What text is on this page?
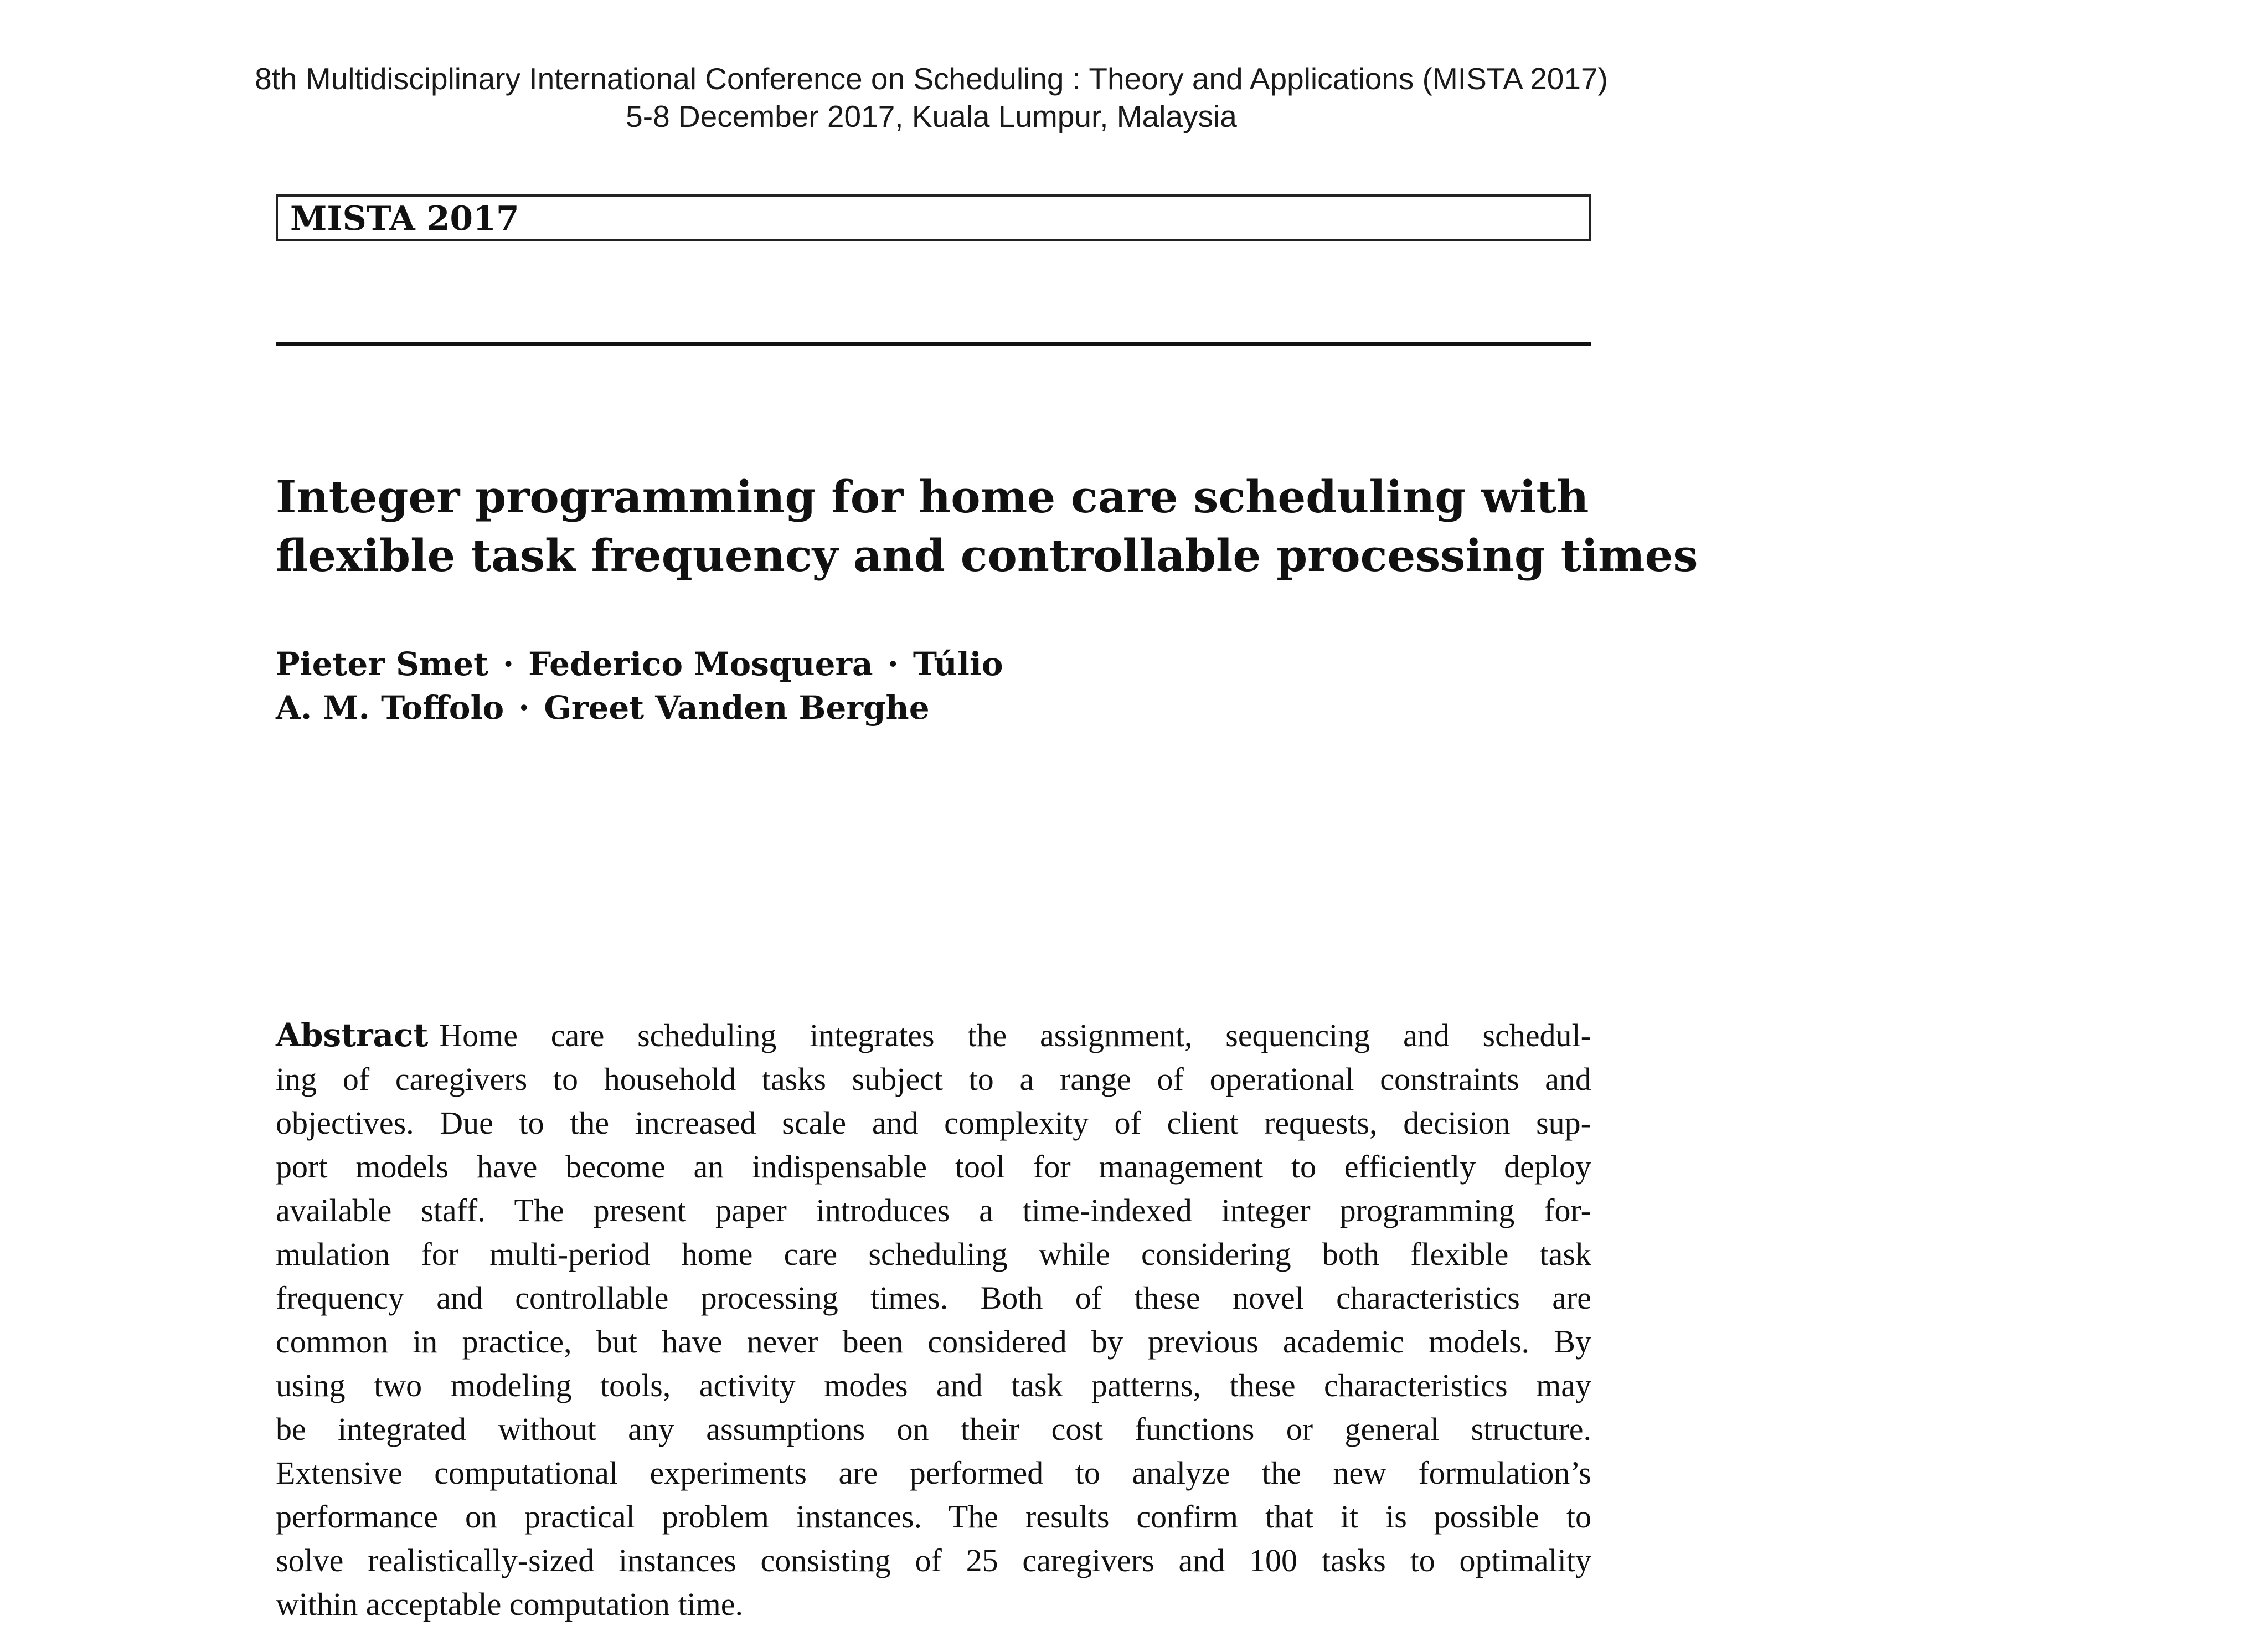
8th Multidisciplinary International Conference on Scheduling : Theory and Applications (MISTA 2017)
5-8 December 2017, Kuala Lumpur, Malaysia
MISTA 2017
Integer programming for home care scheduling with
flexible task frequency and controllable processing times
Pieter Smet · Federico Mosquera · Túlio
A. M. Toffolo · Greet Vanden Berghe
Abstract Home care scheduling integrates the assignment, sequencing and schedul-
ing of caregivers to household tasks subject to a range of operational constraints and
objectives. Due to the increased scale and complexity of client requests, decision sup-
port models have become an indispensable tool for management to efficiently deploy
available staff. The present paper introduces a time-indexed integer programming for-
mulation for multi-period home care scheduling while considering both flexible task
frequency and controllable processing times. Both of these novel characteristics are
common in practice, but have never been considered by previous academic models. By
using two modeling tools, activity modes and task patterns, these characteristics may
be integrated without any assumptions on their cost functions or general structure.
Extensive computational experiments are performed to analyze the new formulation’s
performance on practical problem instances. The results confirm that it is possible to
solve realistically-sized instances consisting of 25 caregivers and 100 tasks to optimality
within acceptable computation time.
